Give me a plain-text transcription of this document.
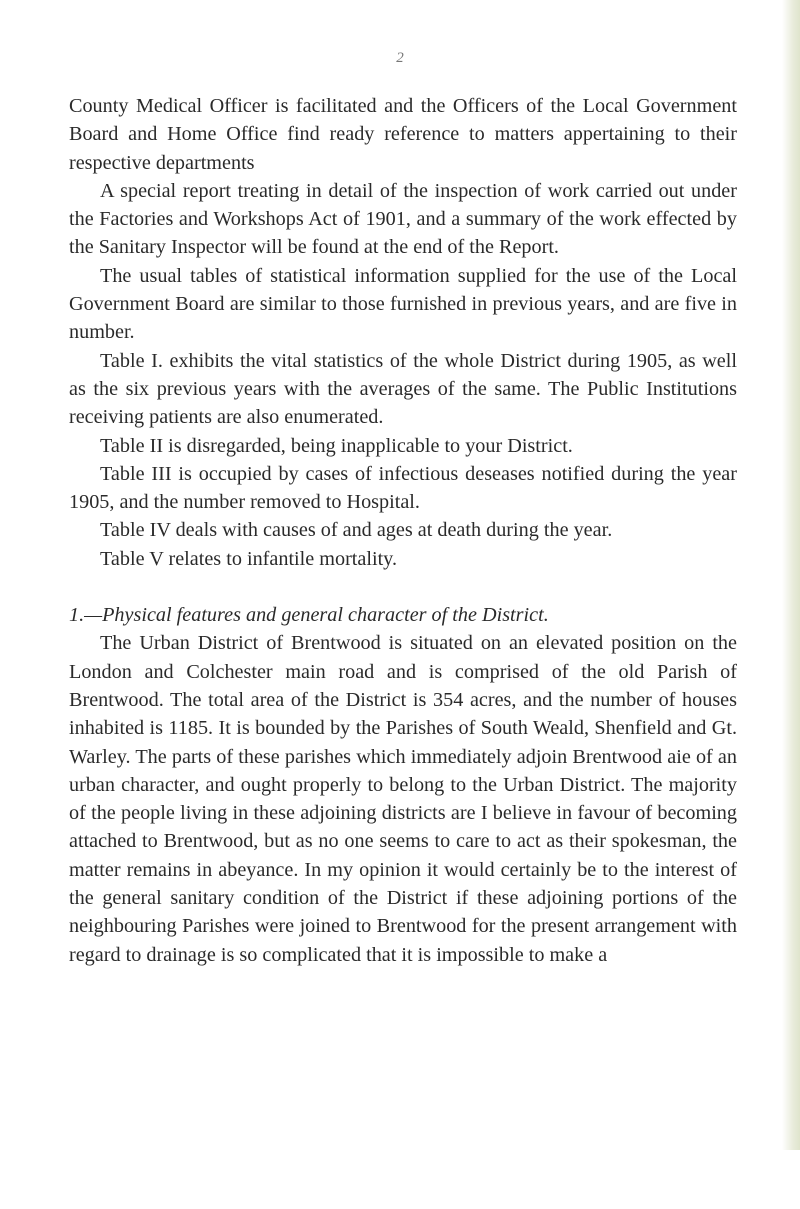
2

County Medical Officer is facilitated and the Officers of the Local Government Board and Home Office find ready reference to matters appertaining to their respective departments

A special report treating in detail of the inspection of work carried out under the Factories and Workshops Act of 1901, and a summary of the work effected by the Sanitary Inspector will be found at the end of the Report.

The usual tables of statistical information supplied for the use of the Local Government Board are similar to those furnished in previous years, and are five in number.

Table I. exhibits the vital statistics of the whole District during 1905, as well as the six previous years with the averages of the same. The Public Institutions receiving patients are also enumerated.

Table II is disregarded, being inapplicable to your District.

Table III is occupied by cases of infectious deseases notified during the year 1905, and the number removed to Hospital.

Table IV deals with causes of and ages at death during the year.

Table V relates to infantile mortality.

1.—Physical features and general character of the District.

The Urban District of Brentwood is situated on an elevated position on the London and Colchester main road and is comprised of the old Parish of Brentwood. The total area of the District is 354 acres, and the number of houses inhabited is 1185. It is bounded by the Parishes of South Weald, Shenfield and Gt. Warley. The parts of these parishes which immediately adjoin Brentwood aie of an urban character, and ought properly to belong to the Urban District. The majority of the people living in these adjoining districts are I believe in favour of becoming attached to Brentwood, but as no one seems to care to act as their spokesman, the matter remains in abeyance. In my opinion it would certainly be to the interest of the general sanitary condition of the District if these adjoining portions of the neighbouring Parishes were joined to Brentwood for the present arrangement with regard to drainage is so complicated that it is impossible to make a
